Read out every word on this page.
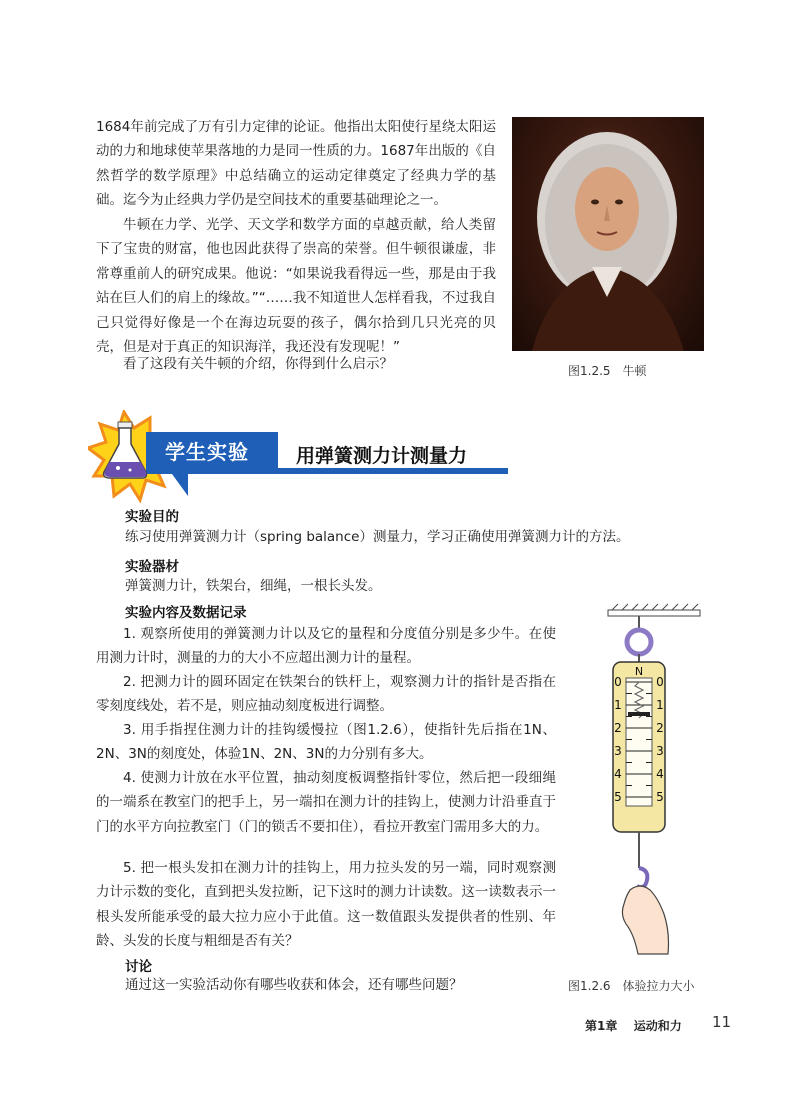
1684年前完成了万有引力定律的论证。他指出太阳使行星绕太阳运动的力和地球使苹果落地的力是同一性质的力。1687年出版的《自然哲学的数学原理》中总结确立的运动定律奠定了经典力学的基础。迄今为止经典力学仍是空间技术的重要基础理论之一。

牛顿在力学、光学、天文学和数学方面的卓越贡献，给人类留下了宝贵的财富，他也因此获得了崇高的荣誉。但牛顿很谦虚，非常尊重前人的研究成果。他说：“如果说我看得远一些，那是由于我站在巨人们的肩上的缘故。”“……我不知道世人怎样看我，不过我自己只觉得好像是一个在海边玩耍的孩子，偶尔拾到几只光亮的贝壳，但是对于真正的知识海洋，我还没有发现呢！”

看了这段有关牛顿的介绍，你得到什么启示？	图1.2.5　牛顿

学生实验 用弹簧测力计测量力

实验目的

练习使用弹簧测力计（spring balance）测量力，学习正确使用弹簧测力计的方法。

实验器材

弹簧测力计，铁架台，细绳，一根长头发。

实验内容及数据记录

1. 观察所使用的弹簧测力计以及它的量程和分度值分别是多少牛。在使用测力计时，测量的力的大小不应超出测力计的量程。

2. 把测力计的圆环固定在铁架台的铁杆上，观察测力计的指针是否指在零刻度线处，若不是，则应抽动刻度板进行调整。

3. 用手指捏住测力计的挂钩缓慢拉（图1.2.6），使指针先后指在1N、2N、3N的刻度处，体验1N、2N、3N的力分别有多大。

4. 使测力计放在水平位置，抽动刻度板调整指针零位，然后把一段细绳的一端系在教室门的把手上，另一端扣在测力计的挂钩上，使测力计沿垂直于门的水平方向拉教室门（门的锁舌不要扣住），看拉开教室门需用多大的力。

5. 把一根头发扣在测力计的挂钩上，用力拉头发的另一端，同时观察测力计示数的变化，直到把头发拉断，记下这时的测力计读数。这一读数表示一根头发所能承受的最大拉力应小于此值。这一数值跟头发提供者的性别、年龄、头发的长度与粗细是否有关？

讨论

通过这一实验活动你有哪些收获和体会，还有哪些问题？

N
0
1
2
3
4
5
0
1
2
3
4
5

图1.2.6　体验拉力大小

第1章 运动和力 11
